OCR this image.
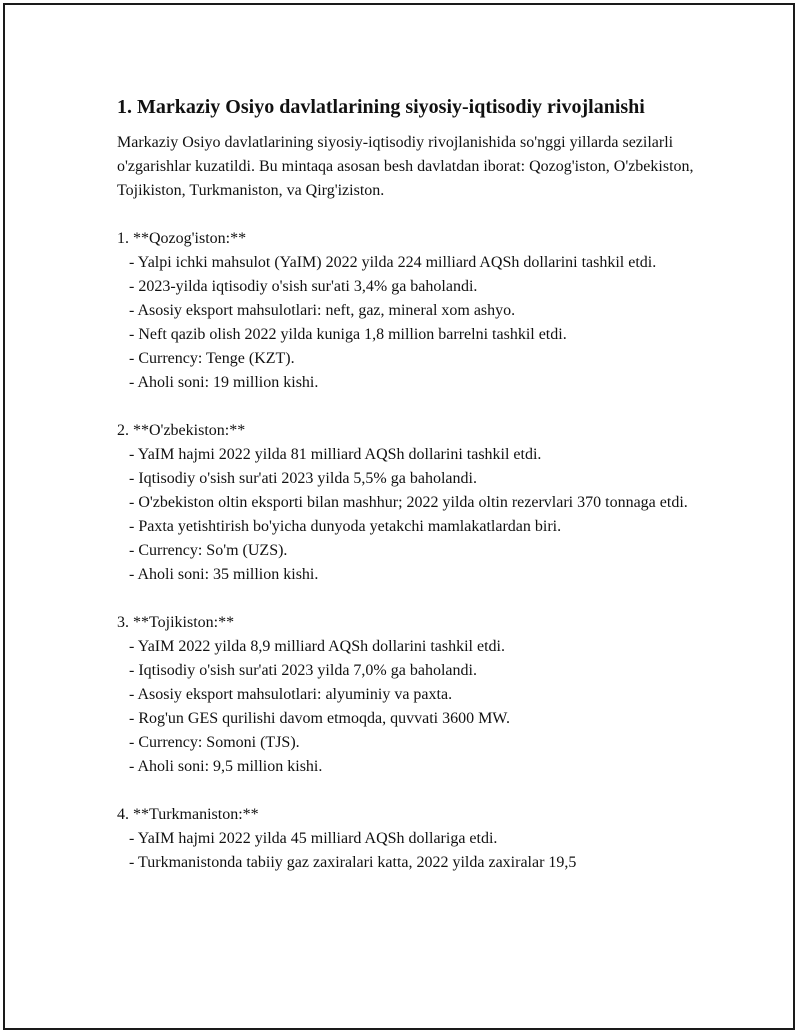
1. Markaziy Osiyo davlatlarining siyosiy-iqtisodiy rivojlanishi

Markaziy Osiyo davlatlarining siyosiy-iqtisodiy rivojlanishida so'nggi yillarda sezilarli o'zgarishlar kuzatildi. Bu mintaqa asosan besh davlatdan iborat: Qozog'iston, O'zbekiston, Tojikiston, Turkmaniston, va Qirg'iziston.

1. **Qozog'iston:**

- Yalpi ichki mahsulot (YaIM) 2022 yilda 224 milliard AQSh dollarini tashkil etdi.

- 2023-yilda iqtisodiy o'sish sur'ati 3,4% ga baholandi.

- Asosiy eksport mahsulotlari: neft, gaz, mineral xom ashyo.

- Neft qazib olish 2022 yilda kuniga 1,8 million barrelni tashkil etdi.

- Currency: Tenge (KZT).

- Aholi soni: 19 million kishi.

2. **O'zbekiston:**

- YaIM hajmi 2022 yilda 81 milliard AQSh dollarini tashkil etdi.

- Iqtisodiy o'sish sur'ati 2023 yilda 5,5% ga baholandi.

- O'zbekiston oltin eksporti bilan mashhur; 2022 yilda oltin rezervlari 370 tonnaga etdi.

- Paxta yetishtirish bo'yicha dunyoda yetakchi mamlakatlardan biri.

- Currency: So'm (UZS).

- Aholi soni: 35 million kishi.

3. **Tojikiston:**

- YaIM 2022 yilda 8,9 milliard AQSh dollarini tashkil etdi.

- Iqtisodiy o'sish sur'ati 2023 yilda 7,0% ga baholandi.

- Asosiy eksport mahsulotlari: alyuminiy va paxta.

- Rog'un GES qurilishi davom etmoqda, quvvati 3600 MW.

- Currency: Somoni (TJS).

- Aholi soni: 9,5 million kishi.

4. **Turkmaniston:**

- YaIM hajmi 2022 yilda 45 milliard AQSh dollariga etdi.

- Turkmanistonda tabiiy gaz zaxiralari katta, 2022 yilda zaxiralar 19,5
